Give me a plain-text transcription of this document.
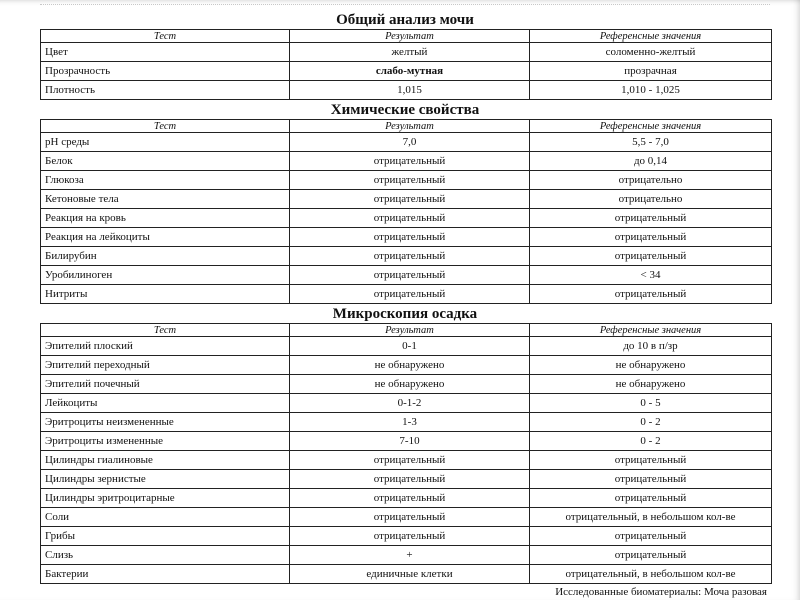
Общий анализ мочи
Тест	Результат	Референсные значения
Цвет	желтый	соломенно-желтый
Прозрачность	слабо-мутная	прозрачная
Плотность	1,015	1,010 - 1,025
Химические свойства
Тест	Результат	Референсные значения
pH среды	7,0	5,5 - 7,0
Белок	отрицательный	до 0,14
Глюкоза	отрицательный	отрицательно
Кетоновые тела	отрицательный	отрицательно
Реакция на кровь	отрицательный	отрицательный
Реакция на лейкоциты	отрицательный	отрицательный
Билирубин	отрицательный	отрицательный
Уробилиноген	отрицательный	< 34
Нитриты	отрицательный	отрицательный
Микроскопия осадка
Тест	Результат	Референсные значения
Эпителий плоский	0-1	до 10 в п/зр
Эпителий переходный	не обнаружено	не обнаружено
Эпителий почечный	не обнаружено	не обнаружено
Лейкоциты	0-1-2	0 - 5
Эритроциты неизмененные	1-3	0 - 2
Эритроциты измененные	7-10	0 - 2
Цилиндры гиалиновые	отрицательный	отрицательный
Цилиндры зернистые	отрицательный	отрицательный
Цилиндры эритроцитарные	отрицательный	отрицательный
Соли	отрицательный	отрицательный, в небольшом кол-ве
Грибы	отрицательный	отрицательный
Слизь	+	отрицательный
Бактерии	единичные клетки	отрицательный, в небольшом кол-ве
Исследованные биоматериалы: Моча разовая
